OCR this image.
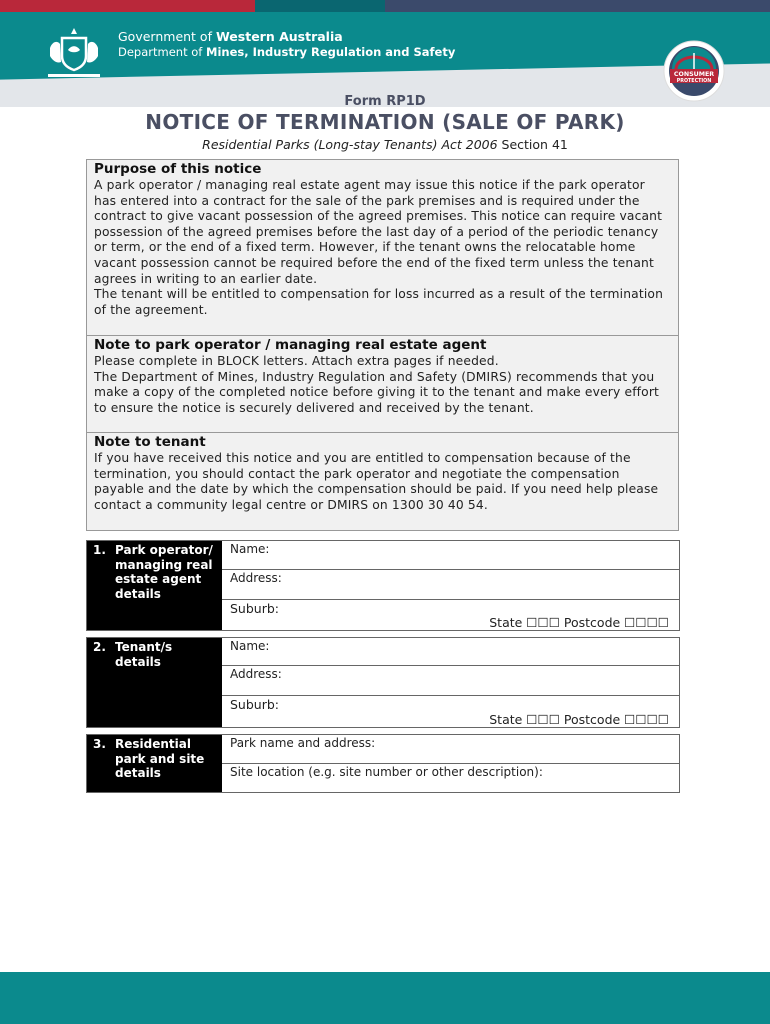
Government of Western Australia
Department of Mines, Industry Regulation and Safety
CONSUMER
PROTECTION
Form RP1D
NOTICE OF TERMINATION (SALE OF PARK)
Residential Parks (Long-stay Tenants) Act 2006 Section 41
Purpose of this notice

A park operator / managing real estate agent may issue this notice if the park operator has entered into a contract for the sale of the park premises and is required under the contract to give vacant possession of the agreed premises. This notice can require vacant possession of the agreed premises before the last day of a period of the periodic tenancy or term, or the end of a fixed term. However, if the tenant owns the relocatable home vacant possession cannot be required before the end of the fixed term unless the tenant agrees in writing to an earlier date.

The tenant will be entitled to compensation for loss incurred as a result of the termination of the agreement.

Note to park operator / managing real estate agent

Please complete in BLOCK letters. Attach extra pages if needed.

The Department of Mines, Industry Regulation and Safety (DMIRS) recommends that you make a copy of the completed notice before giving it to the tenant and make every effort to ensure the notice is securely delivered and received by the tenant.

Note to tenant

If you have received this notice and you are entitled to compensation because of the termination, you should contact the park operator and negotiate the compensation payable and the date by which the compensation should be paid. If you need help please contact a community legal centre or DMIRS on 1300 30 40 54.

1. Park operator/ managing real estate agent details
Name:
Address:
Suburb:
State ☐☐☐ Postcode ☐☐☐☐
2. Tenant/s details
Name:
Address:
Suburb:
State ☐☐☐ Postcode ☐☐☐☐
3. Residential park and site details
Park name and address:
Site location (e.g. site number or other description):
